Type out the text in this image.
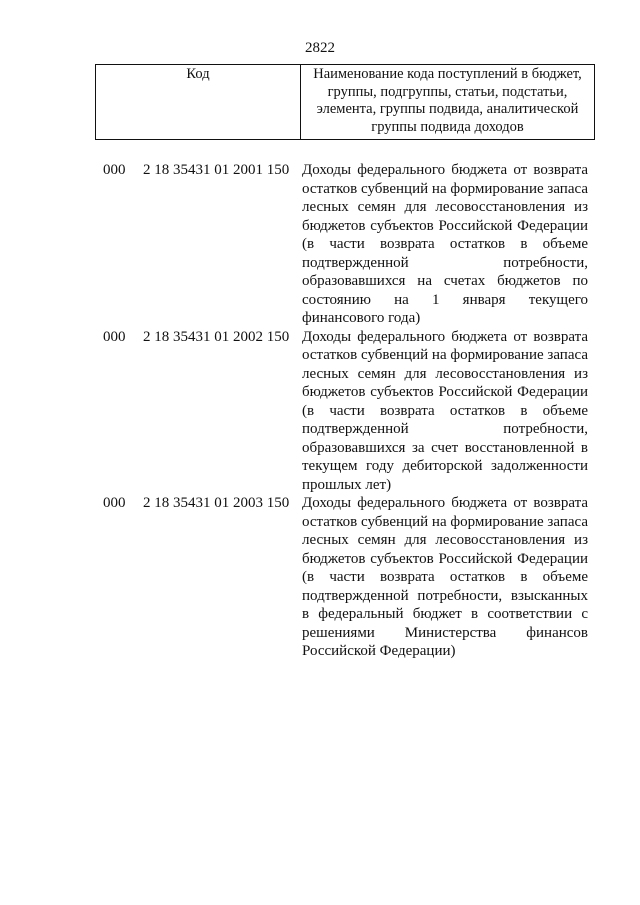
2822
Код	Наименование кода поступлений в бюджет, группы, подгруппы, статьи, подстатьи, элемента, группы подвида, аналитической группы подвида доходов
000 2 18 35431 01 2001 150 Доходы федерального бюджета от возврата остатков субвенций на формирование запаса лесных семян для лесовосстановления из бюджетов субъектов Российской Федерации (в части возврата остатков в объеме подтвержденной потребности, образовавшихся на счетах бюджетов по состоянию на 1 января текущего финансового года)
000 2 18 35431 01 2002 150 Доходы федерального бюджета от возврата остатков субвенций на формирование запаса лесных семян для лесовосстановления из бюджетов субъектов Российской Федерации (в части возврата остатков в объеме подтвержденной потребности, образовавшихся за счет восстановленной в текущем году дебиторской задолженности прошлых лет)
000 2 18 35431 01 2003 150 Доходы федерального бюджета от возврата остатков субвенций на формирование запаса лесных семян для лесовосстановления из бюджетов субъектов Российской Федерации (в части возврата остатков в объеме подтвержденной потребности, взысканных в федеральный бюджет в соответствии с решениями Министерства финансов Российской Федерации)
